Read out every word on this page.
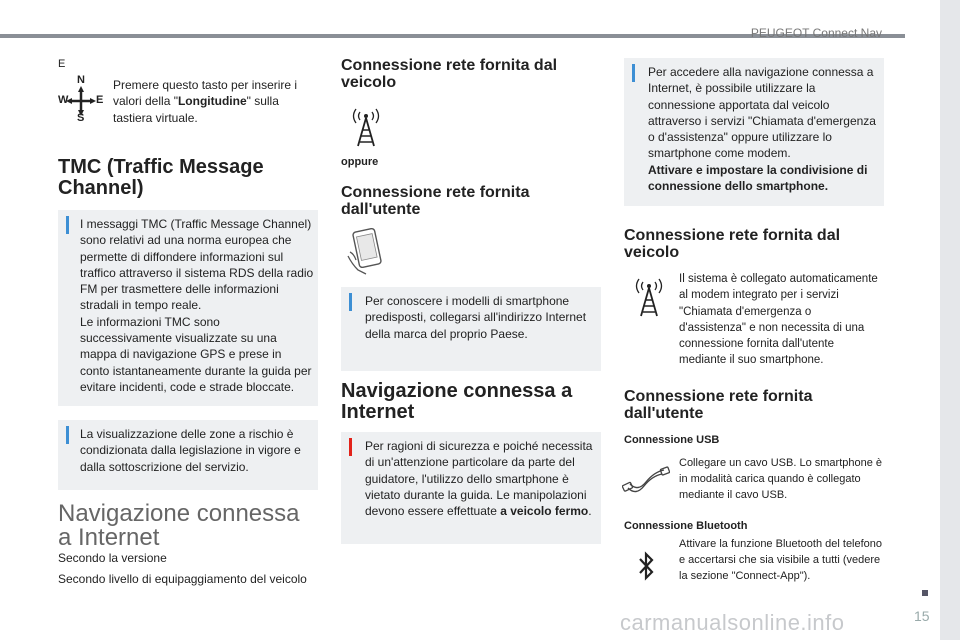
PEUGEOT Connect Nav
15
carmanualsonline.info
E
N
S
W	E
Premere questo tasto per inserire i valori della "Longitudine" sulla tastiera virtuale.
TMC (Traffic Message
Channel)
I messaggi TMC (Traffic Message Channel) sono relativi ad una norma europea che permette di diffondere informazioni sul traffico attraverso il sistema RDS della radio FM per trasmettere delle informazioni stradali in tempo reale.
Le informazioni TMC sono successivamente visualizzate su una mappa di navigazione GPS e prese in conto istantaneamente durante la guida per evitare incidenti, code e strade bloccate.
La visualizzazione delle zone a rischio è condizionata dalla legislazione in vigore e dalla sottoscrizione del servizio.
Navigazione connessa
a Internet
Secondo la versione
Secondo livello di equipaggiamento del veicolo
Connessione rete fornita dal
veicolo
oppure
Connessione rete fornita
dall'utente
Per conoscere i modelli di smartphone predisposti, collegarsi all'indirizzo Internet della marca del proprio Paese.
Navigazione connessa a
Internet
Per ragioni di sicurezza e poiché necessita di un'attenzione particolare da parte del guidatore, l'utilizzo dello smartphone è vietato durante la guida. Le manipolazioni devono essere effettuate a veicolo fermo.
Per accedere alla navigazione connessa a Internet, è possibile utilizzare la connessione apportata dal veicolo attraverso i servizi "Chiamata d'emergenza o d'assistenza" oppure utilizzare lo smartphone come modem.
Attivare e impostare la condivisione di connessione dello smartphone.
Connessione rete fornita dal
veicolo
Il sistema è collegato automaticamente al modem integrato per i servizi "Chiamata d'emergenza o d'assistenza" e non necessita di una connessione fornita dall'utente mediante il suo smartphone.
Connessione rete fornita
dall'utente
Connessione USB
Collegare un cavo USB. Lo smartphone è in modalità carica quando è collegato mediante il cavo USB.
Connessione Bluetooth
Attivare la funzione Bluetooth del telefono e accertarsi che sia visibile a tutti (vedere la sezione "Connect-App").
